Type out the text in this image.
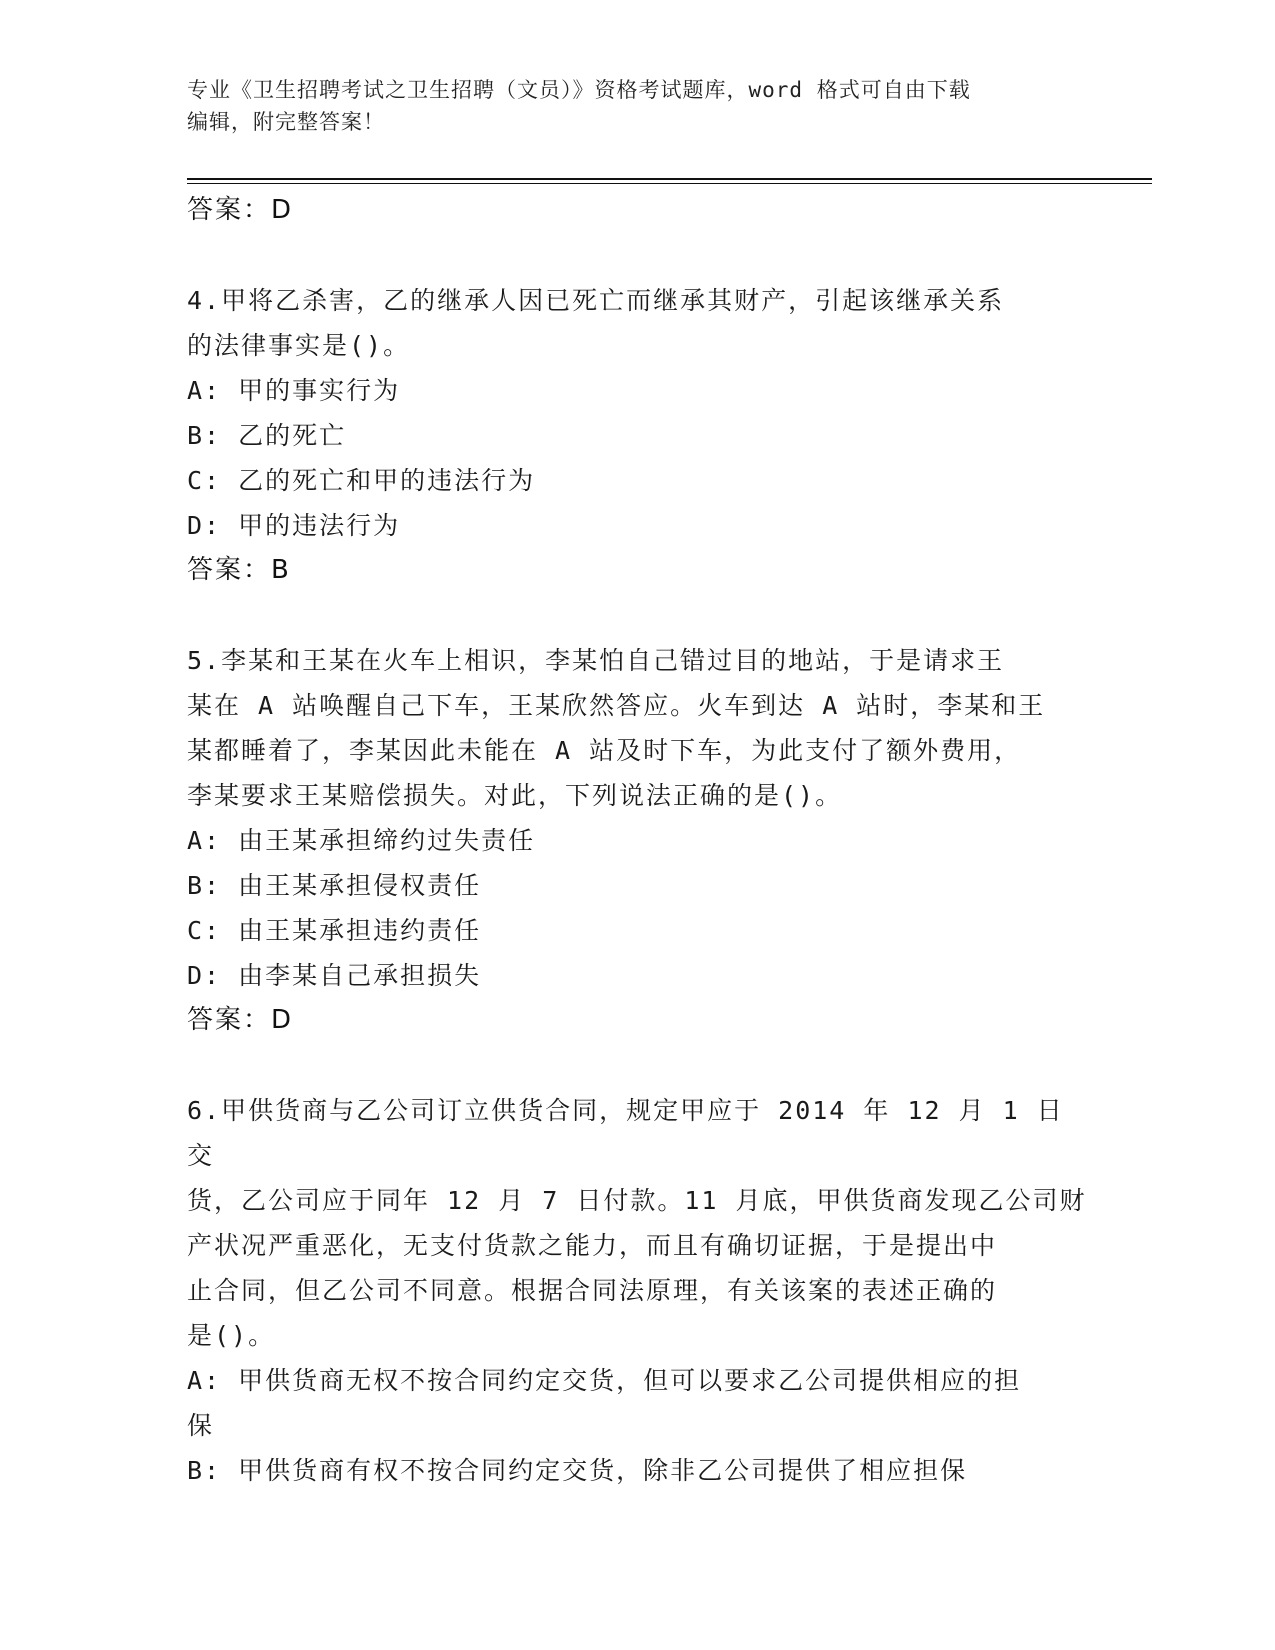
专业《卫生招聘考试之卫生招聘（文员）》资格考试题库，word 格式可自由下载
编辑，附完整答案！
答案：D

4.甲将乙杀害，乙的继承人因已死亡而继承其财产，引起该继承关系

的法律事实是()。

A: 甲的事实行为

B: 乙的死亡

C: 乙的死亡和甲的违法行为

D: 甲的违法行为

答案：B

5.李某和王某在火车上相识，李某怕自己错过目的地站，于是请求王

某在 A 站唤醒自己下车，王某欣然答应。火车到达 A 站时，李某和王

某都睡着了，李某因此未能在 A 站及时下车，为此支付了额外费用，

李某要求王某赔偿损失。对此，下列说法正确的是()。

A: 由王某承担缔约过失责任

B: 由王某承担侵权责任

C: 由王某承担违约责任

D: 由李某自己承担损失

答案：D

6.甲供货商与乙公司订立供货合同，规定甲应于 2014 年 12 月 1 日交

货，乙公司应于同年 12 月 7 日付款。11 月底，甲供货商发现乙公司财

产状况严重恶化，无支付货款之能力，而且有确切证据，于是提出中

止合同，但乙公司不同意。根据合同法原理，有关该案的表述正确的

是()。

A: 甲供货商无权不按合同约定交货，但可以要求乙公司提供相应的担

保

B: 甲供货商有权不按合同约定交货，除非乙公司提供了相应担保
